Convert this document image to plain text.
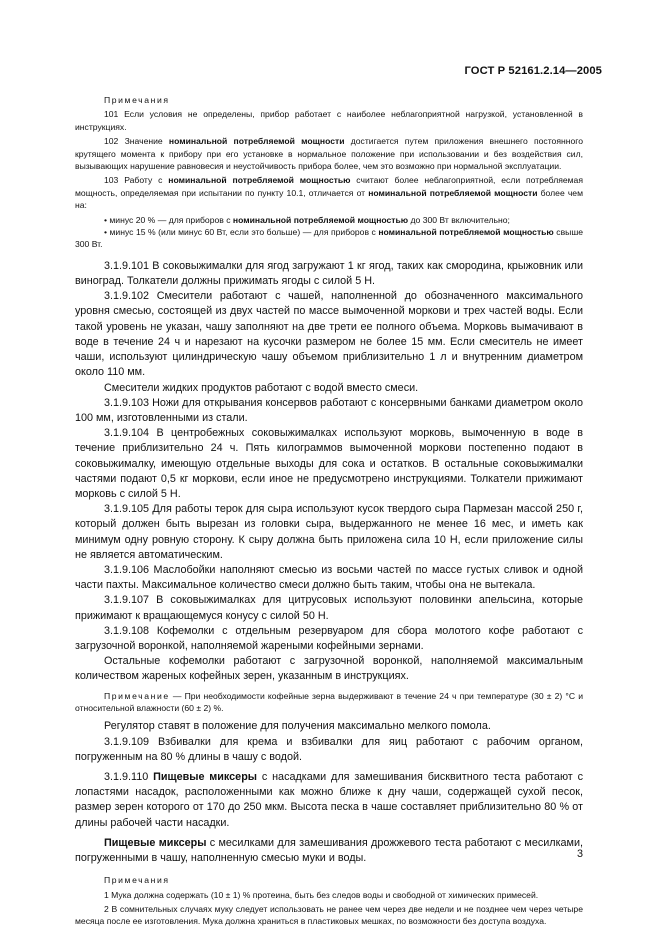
ГОСТ Р 52161.2.14—2005

Примечания

101 Если условия не определены, прибор работает с наиболее неблагоприятной нагрузкой, установленной в инструкциях.

102 Значение номинальной потребляемой мощности достигается путем приложения внешнего постоянного крутящего момента к прибору при его установке в нормальное положение при использовании и без воздействия сил, вызывающих нарушение равновесия и неустойчивость прибора более, чем это возможно при нормальной эксплуатации.

103 Работу с номинальной потребляемой мощностью считают более неблагоприятной, если потребляемая мощность, определяемая при испытании по пункту 10.1, отличается от номинальной потребляемой мощности более чем на:

• минус 20 % — для приборов с номинальной потребляемой мощностью до 300 Вт включительно;

• минус 15 % (или минус 60 Вт, если это больше) — для приборов с номинальной потребляемой мощностью свыше 300 Вт.

3.1.9.101 В соковыжималки для ягод загружают 1 кг ягод, таких как смородина, крыжовник или виноград. Толкатели должны прижимать ягоды с силой 5 Н.

3.1.9.102 Смесители работают с чашей, наполненной до обозначенного максимального уровня смесью, состоящей из двух частей по массе вымоченной моркови и трех частей воды. Если такой уровень не указан, чашу заполняют на две трети ее полного объема. Морковь вымачивают в воде в течение 24 ч и нарезают на кусочки размером не более 15 мм. Если смеситель не имеет чаши, используют цилиндрическую чашу объемом приблизительно 1 л и внутренним диаметром около 110 мм.

Смесители жидких продуктов работают с водой вместо смеси.

3.1.9.103 Ножи для открывания консервов работают с консервными банками диаметром около 100 мм, изготовленными из стали.

3.1.9.104 В центробежных соковыжималках используют морковь, вымоченную в воде в течение приблизительно 24 ч. Пять килограммов вымоченной моркови постепенно подают в соковыжималку, имеющую отдельные выходы для сока и остатков. В остальные соковыжималки частями подают 0,5 кг моркови, если иное не предусмотрено инструкциями. Толкатели прижимают морковь с силой 5 Н.

3.1.9.105 Для работы терок для сыра используют кусок твердого сыра Пармезан массой 250 г, который должен быть вырезан из головки сыра, выдержанного не менее 16 мес, и иметь как минимум одну ровную сторону. К сыру должна быть приложена сила 10 Н, если приложение силы не является автоматическим.

3.1.9.106 Маслобойки наполняют смесью из восьми частей по массе густых сливок и одной части пахты. Максимальное количество смеси должно быть таким, чтобы она не вытекала.

3.1.9.107 В соковыжималках для цитрусовых используют половинки апельсина, которые прижимают к вращающемуся конусу с силой 50 Н.

3.1.9.108 Кофемолки с отдельным резервуаром для сбора молотого кофе работают с загрузочной воронкой, наполняемой жареными кофейными зернами.

Остальные кофемолки работают с загрузочной воронкой, наполняемой максимальным количеством жареных кофейных зерен, указанным в инструкциях.

Примечание — При необходимости кофейные зерна выдерживают в течение 24 ч при температуре (30 ± 2) °С и относительной влажности (60 ± 2) %.

Регулятор ставят в положение для получения максимально мелкого помола.

3.1.9.109 Взбивалки для крема и взбивалки для яиц работают с рабочим органом, погруженным на 80 % длины в чашу с водой.

3.1.9.110 Пищевые миксеры с насадками для замешивания бисквитного теста работают с лопастями насадок, расположенными как можно ближе к дну чаши, содержащей сухой песок, размер зерен которого от 170 до 250 мкм. Высота песка в чаше составляет приблизительно 80 % от длины рабочей части насадки.

Пищевые миксеры с месилками для замешивания дрожжевого теста работают с месилками, погруженными в чашу, наполненную смесью муки и воды.

Примечания

1 Мука должна содержать (10 ± 1) % протеина, быть без следов воды и свободной от химических примесей.

2 В сомнительных случаях муку следует использовать не ранее чем через две недели и не позднее чем через четыре месяца после ее изготовления. Мука должна храниться в пластиковых мешках, по возможности без доступа воздуха.

3
